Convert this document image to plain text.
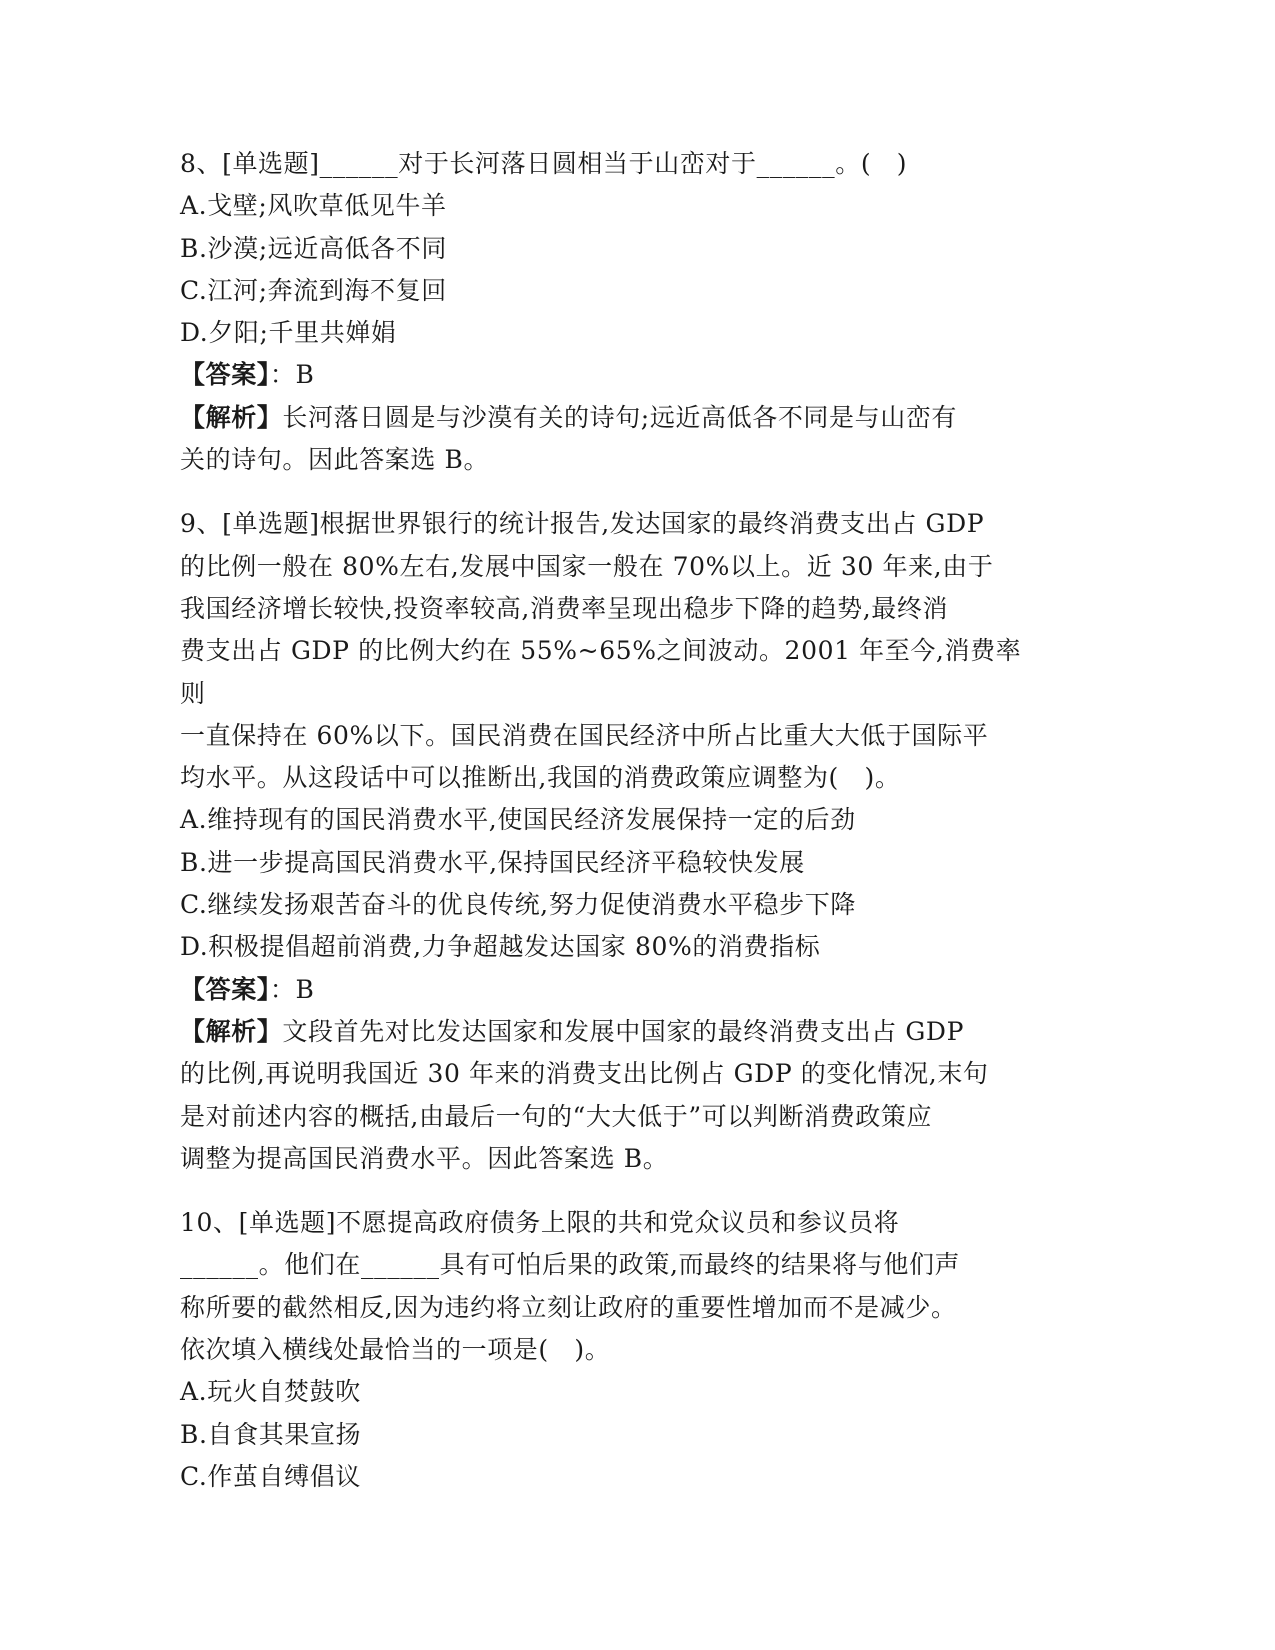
8、[单选题]______对于长河落日圆相当于山峦对于______。(　)
A.戈壁;风吹草低见牛羊
B.沙漠;远近高低各不同
C.江河;奔流到海不复回
D.夕阳;千里共婵娟
【答案】：B
【解析】长河落日圆是与沙漠有关的诗句;远近高低各不同是与山峦有
关的诗句。因此答案选 B。
9、[单选题]根据世界银行的统计报告,发达国家的最终消费支出占 GDP
的比例一般在 80%左右,发展中国家一般在 70%以上。近 30 年来,由于
我国经济增长较快,投资率较高,消费率呈现出稳步下降的趋势,最终消
费支出占 GDP 的比例大约在 55%~65%之间波动。2001 年至今,消费率则
一直保持在 60%以下。国民消费在国民经济中所占比重大大低于国际平
均水平。从这段话中可以推断出,我国的消费政策应调整为(　)。
A.维持现有的国民消费水平,使国民经济发展保持一定的后劲
B.进一步提高国民消费水平,保持国民经济平稳较快发展
C.继续发扬艰苦奋斗的优良传统,努力促使消费水平稳步下降
D.积极提倡超前消费,力争超越发达国家 80%的消费指标
【答案】：B
【解析】文段首先对比发达国家和发展中国家的最终消费支出占 GDP
的比例,再说明我国近 30 年来的消费支出比例占 GDP 的变化情况,末句
是对前述内容的概括,由最后一句的“大大低于”可以判断消费政策应
调整为提高国民消费水平。因此答案选 B。
10、[单选题]不愿提高政府债务上限的共和党众议员和参议员将
______。他们在______具有可怕后果的政策,而最终的结果将与他们声
称所要的截然相反,因为违约将立刻让政府的重要性增加而不是减少。
依次填入横线处最恰当的一项是(　)。
A.玩火自焚鼓吹
B.自食其果宣扬
C.作茧自缚倡议
